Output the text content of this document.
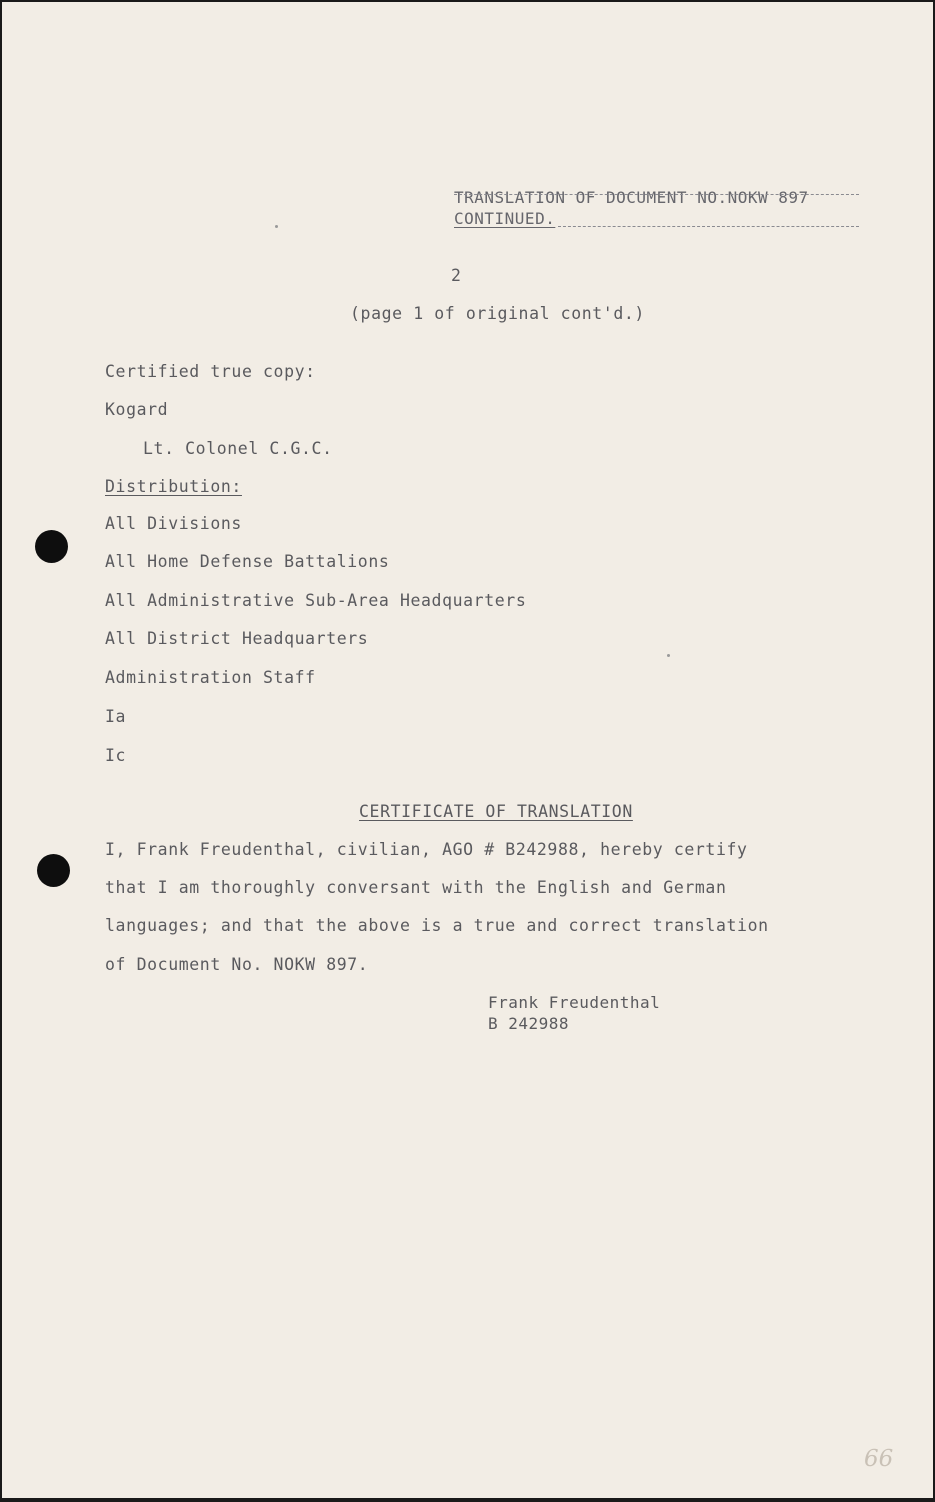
TRANSLATION OF DOCUMENT NO.NOKW 897
CONTINUED.
2
(page 1 of original cont'd.)
Certified true copy:
Kogard
Lt. Colonel C.G.C.
Distribution:
All Divisions
All Home Defense Battalions
All Administrative Sub-Area Headquarters
All District Headquarters
Administration Staff
Ia
Ic
CERTIFICATE OF TRANSLATION
I, Frank Freudenthal, civilian, AGO # B242988, hereby certify
that I am thoroughly conversant with the English and German
languages; and that the above is a true and correct translation
of Document No. NOKW 897.
Frank Freudenthal
B 242988
66
